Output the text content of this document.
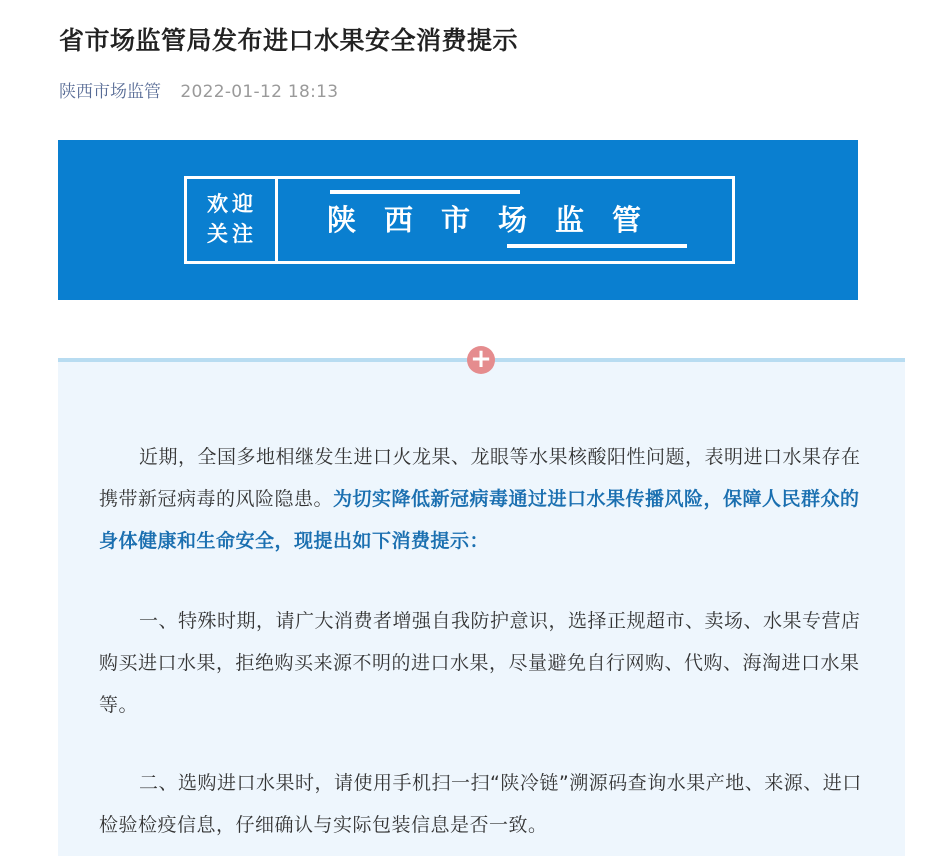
省市场监管局发布进口水果安全消费提示
陕西市场监管 2022-01-12 18:13
欢迎
关注	陕西市场监管

近期，全国多地相继发生进口火龙果、龙眼等水果核酸阳性问题，表明进口水果存在携带新冠病毒的风险隐患。为切实降低新冠病毒通过进口水果传播风险，保障人民群众的身体健康和生命安全，现提出如下消费提示：

一、特殊时期，请广大消费者增强自我防护意识，选择正规超市、卖场、水果专营店购买进口水果，拒绝购买来源不明的进口水果，尽量避免自行网购、代购、海淘进口水果等。

二、选购进口水果时，请使用手机扫一扫“陕冷链”溯源码查询水果产地、来源、进口检验检疫信息，仔细确认与实际包装信息是否一致。

+
